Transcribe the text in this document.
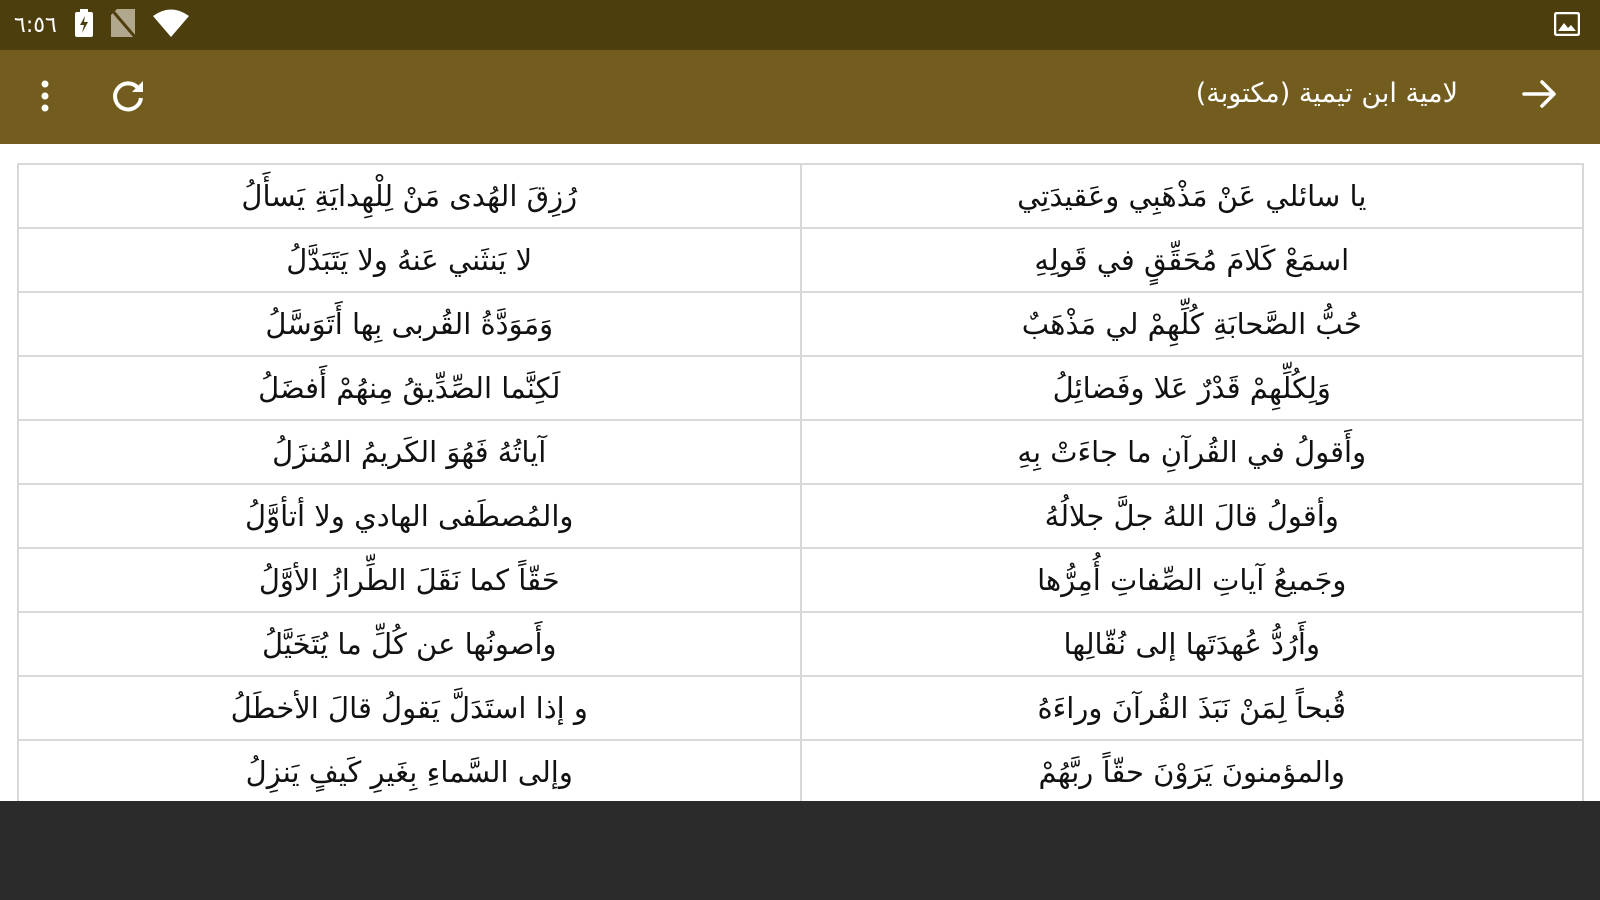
٦:٥٦
لامية ابن تيمية (مكتوبة)
يا سائلي عَنْ مَذْهَبِي وعَقيدَتِي	رُزِقَ الهُدى مَنْ لِلْهِدايَةِ يَسأَلُ
اسمَعْ كَلامَ مُحَقِّقٍ في قَولِهِ	لا يَنثَني عَنهُ ولا يَتَبَدَّلُ
حُبُّ الصَّحابَةِ كُلِّهِمْ لي مَذْهَبٌ	وَمَوَدَّةُ القُربى بِها أَتَوَسَّلُ
وَلِكُلِّهِمْ قَدْرٌ عَلا وفَضائِلُ	لَكِنَّما الصِّدِّيقُ مِنهُمْ أَفضَلُ
وأَقولُ في القُرآنِ ما جاءَتْ بِهِ	آياتُهُ فَهُوَ الكَريمُ المُنزَلُ
وأقولُ قالَ اللهُ جلَّ جلالُهُ	والمُصطَفى الهادي ولا أتأوَّلُ
وجَميعُ آياتِ الصِّفاتِ أُمِرُّها	حَقّاً كما نَقَلَ الطِّرازُ الأوَّلُ
وأَرُدُّ عُهدَتَها إلى نُقّالِها	وأَصونُها عن كُلِّ ما يُتَخَيَّلُ
قُبحاً لِمَنْ نَبَذَ القُرآنَ وراءَهُ	و إذا استَدَلَّ يَقولُ قالَ الأخطَلُ
والمؤمنونَ يَرَوْنَ حقّاً ربَّهُمْ	وإلى السَّماءِ بِغَيرِ كَيفٍ يَنزِلُ
